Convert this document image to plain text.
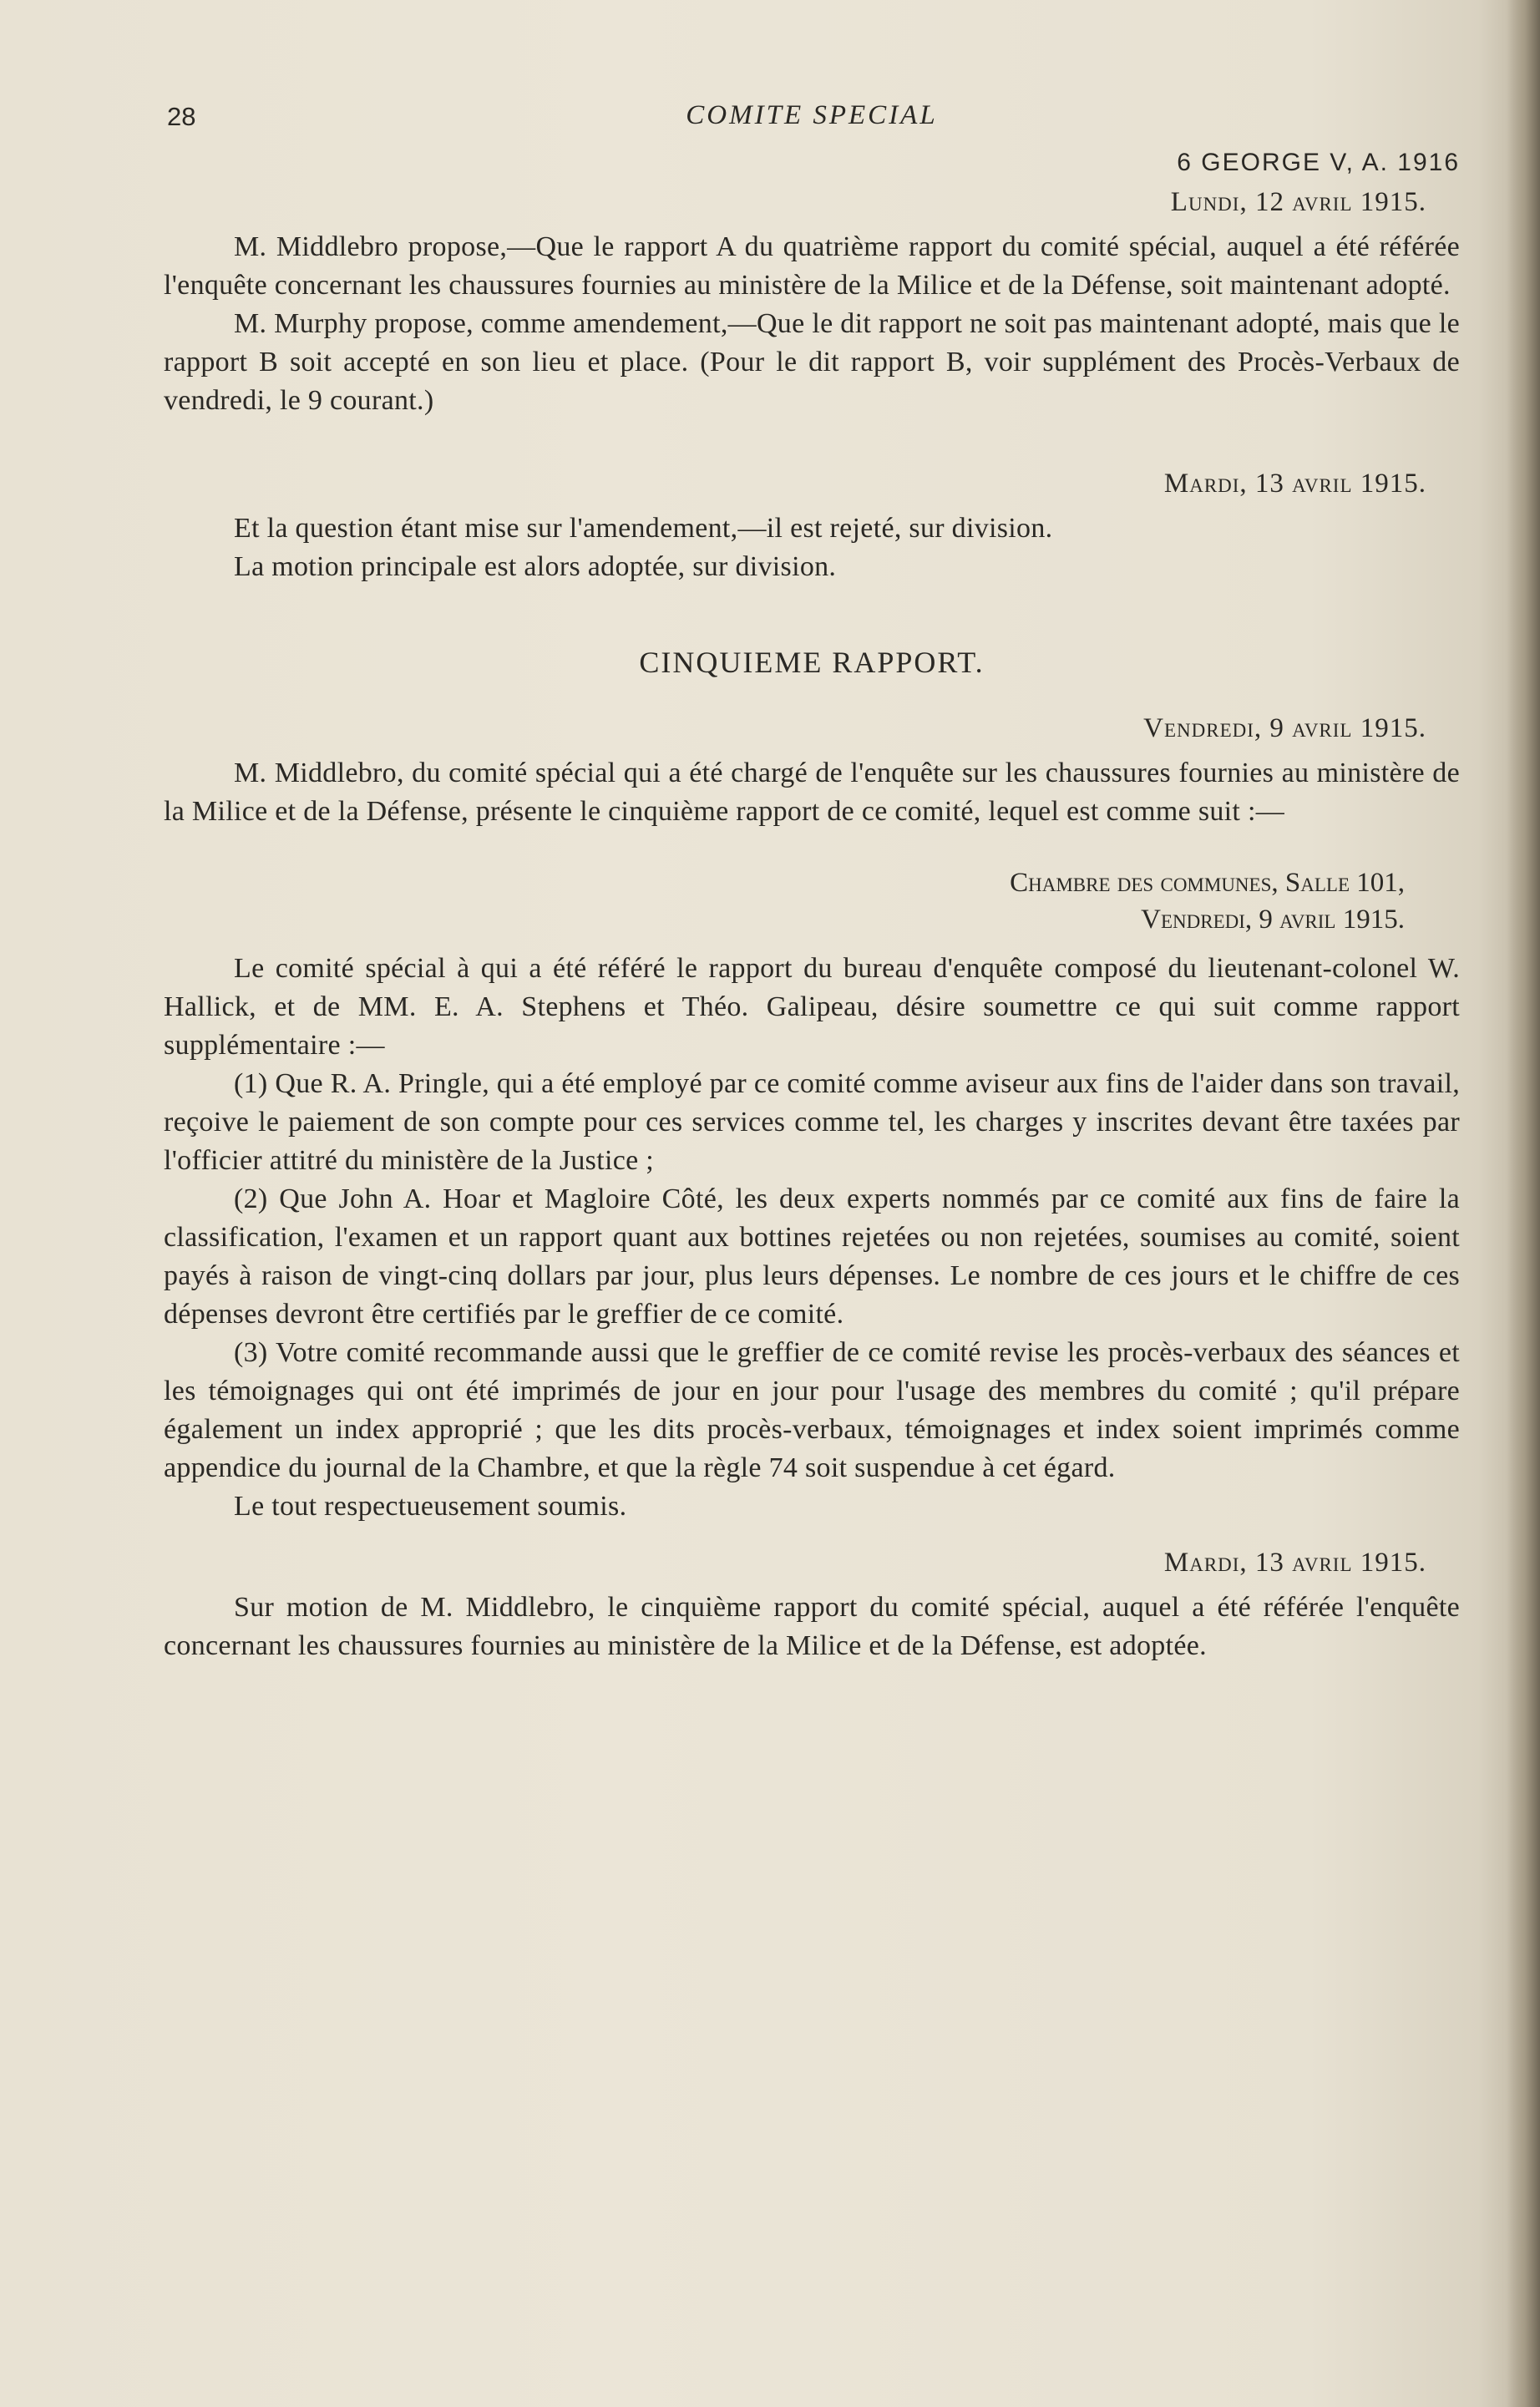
28	COMITE SPECIAL
6 GEORGE V, A. 1916
Lundi, 12 avril 1915.

M. Middlebro propose,—Que le rapport A du quatrième rapport du comité spécial, auquel a été référée l'enquête concernant les chaussures fournies au ministère de la Milice et de la Défense, soit maintenant adopté.

M. Murphy propose, comme amendement,—Que le dit rapport ne soit pas maintenant adopté, mais que le rapport B soit accepté en son lieu et place. (Pour le dit rapport B, voir supplément des Procès-Verbaux de vendredi, le 9 courant.)

Mardi, 13 avril 1915.

Et la question étant mise sur l'amendement,—il est rejeté, sur division.

La motion principale est alors adoptée, sur division.

CINQUIEME RAPPORT.
Vendredi, 9 avril 1915.

M. Middlebro, du comité spécial qui a été chargé de l'enquête sur les chaussures fournies au ministère de la Milice et de la Défense, présente le cinquième rapport de ce comité, lequel est comme suit :—

Chambre des communes, Salle 101,
Vendredi, 9 avril 1915.

Le comité spécial à qui a été référé le rapport du bureau d'enquête composé du lieutenant-colonel W. Hallick, et de MM. E. A. Stephens et Théo. Galipeau, désire soumettre ce qui suit comme rapport supplémentaire :—

(1) Que R. A. Pringle, qui a été employé par ce comité comme aviseur aux fins de l'aider dans son travail, reçoive le paiement de son compte pour ces services comme tel, les charges y inscrites devant être taxées par l'officier attitré du ministère de la Justice ;

(2) Que John A. Hoar et Magloire Côté, les deux experts nommés par ce comité aux fins de faire la classification, l'examen et un rapport quant aux bottines rejetées ou non rejetées, soumises au comité, soient payés à raison de vingt-cinq dollars par jour, plus leurs dépenses. Le nombre de ces jours et le chiffre de ces dépenses devront être certifiés par le greffier de ce comité.

(3) Votre comité recommande aussi que le greffier de ce comité revise les procès-verbaux des séances et les témoignages qui ont été imprimés de jour en jour pour l'usage des membres du comité ; qu'il prépare également un index approprié ; que les dits procès-verbaux, témoignages et index soient imprimés comme appendice du journal de la Chambre, et que la règle 74 soit suspendue à cet égard.

Le tout respectueusement soumis.

Mardi, 13 avril 1915.

Sur motion de M. Middlebro, le cinquième rapport du comité spécial, auquel a été référée l'enquête concernant les chaussures fournies au ministère de la Milice et de la Défense, est adoptée.
